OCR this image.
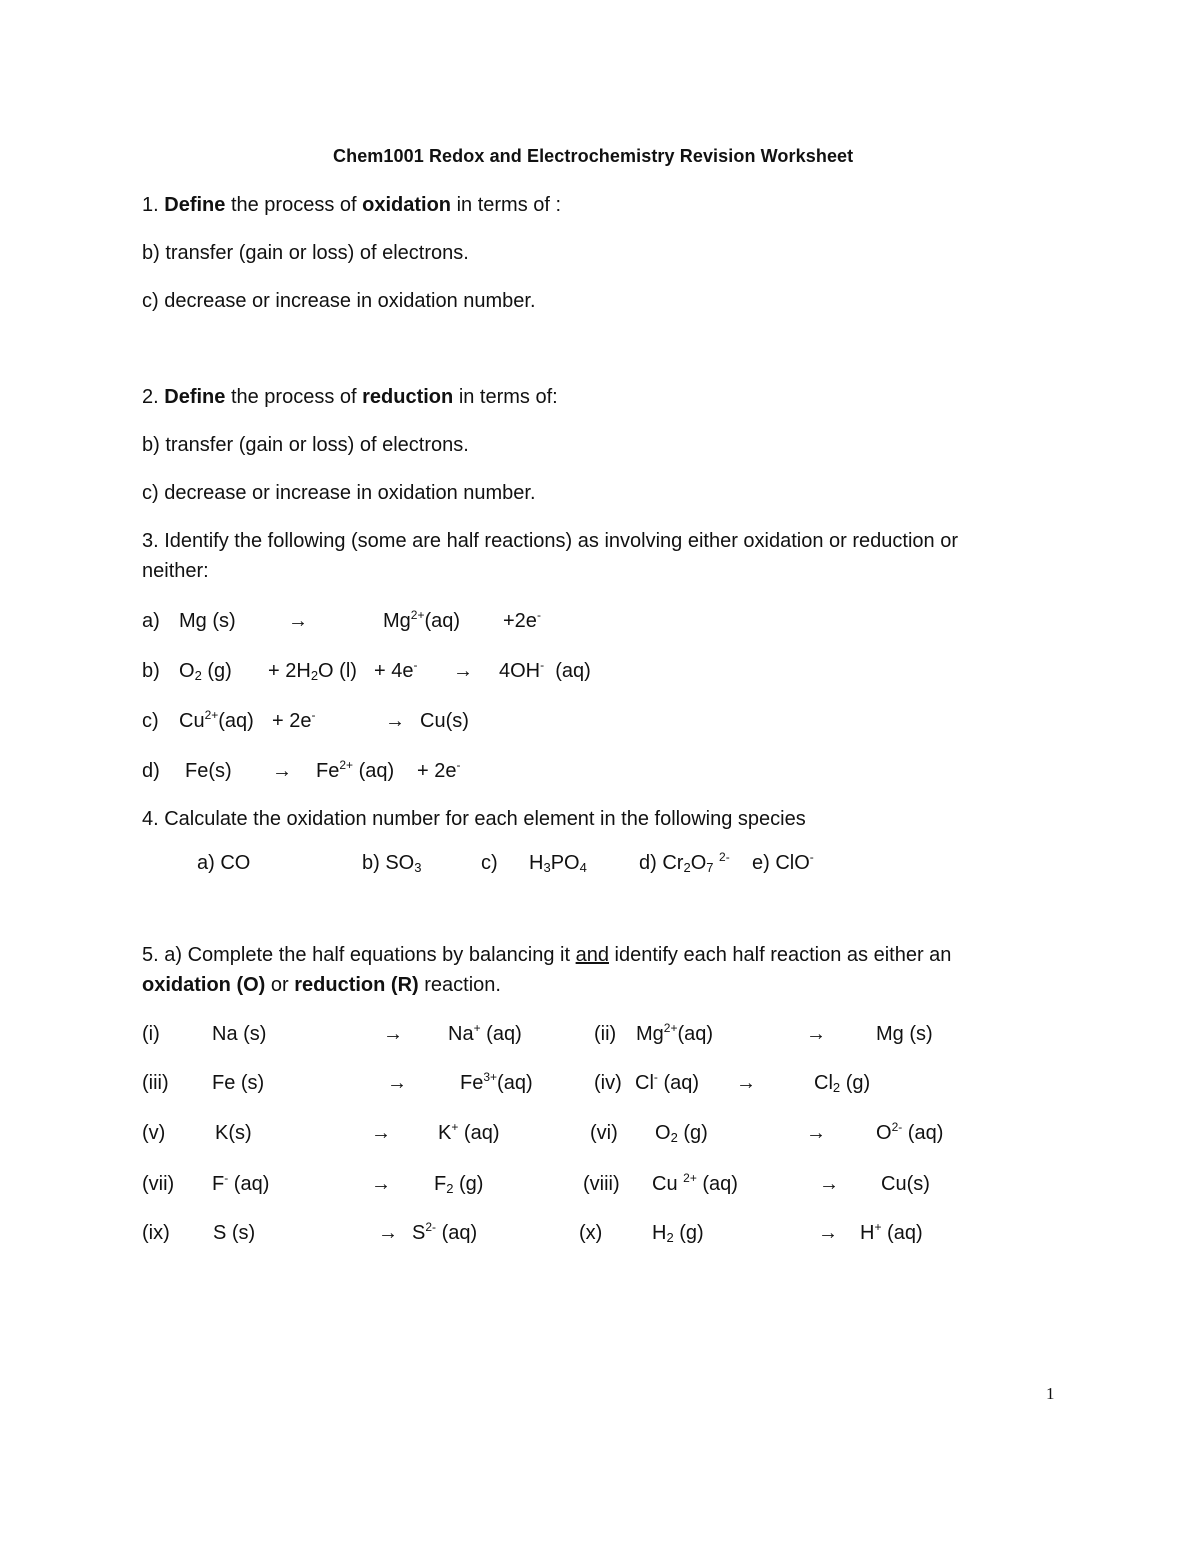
Chem1001 Redox and Electrochemistry Revision Worksheet
1. Define the process of oxidation in terms of :
b) transfer (gain or loss) of electrons.
c) decrease or increase in oxidation number.
2. Define the process of reduction in terms of:
b) transfer (gain or loss) of electrons.
c) decrease or increase in oxidation number.
3. Identify the following (some are half reactions) as involving either oxidation or reduction or
neither:
a) Mg (s)	→	$Mg^{2+}(aq) +2e^-$
b) $O_2$ $(g) + 2H_2O$ (l) + 4e- → 4OH- (aq)
c) $Cu^{2+}(aq) + 2e^-$	→ Cu(s)
d) $Fe(s) \to Fe^{2+}$ (aq) + 2e-
4. Calculate the oxidation number for each element in the following species
a) CO	b) $SO_3$	c) $H_3PO_4$	d) $Cr_2O_7$ $^{2-}$ e) ClO-
5. a) Complete the half equations by balancing it and identify each half reaction as either an
oxidation (O) or reduction (R) reaction.
(i)	Na (s)	→ Na+ (aq)	(ii) $Mg^{2+}(aq)$	→	Mg (s)
(iii) Fe (s)	→	$Fe^{3+}(aq)$	(iv) Cl- (aq) →	$Cl_2$ (g)
(v) K(s)	→ K+ (aq)	(vi) $O_2$ (g)	→	$O^{2-}$ (aq)
(vii) F- (aq)	→ $F_2$ (g)	(viii) Cu $^{2+}$ (aq)	→ Cu(s)
(ix) S (s)	→ $S^{2-}$ (aq)	(x) $H_2$ (g)	→ H+ (aq)
1
